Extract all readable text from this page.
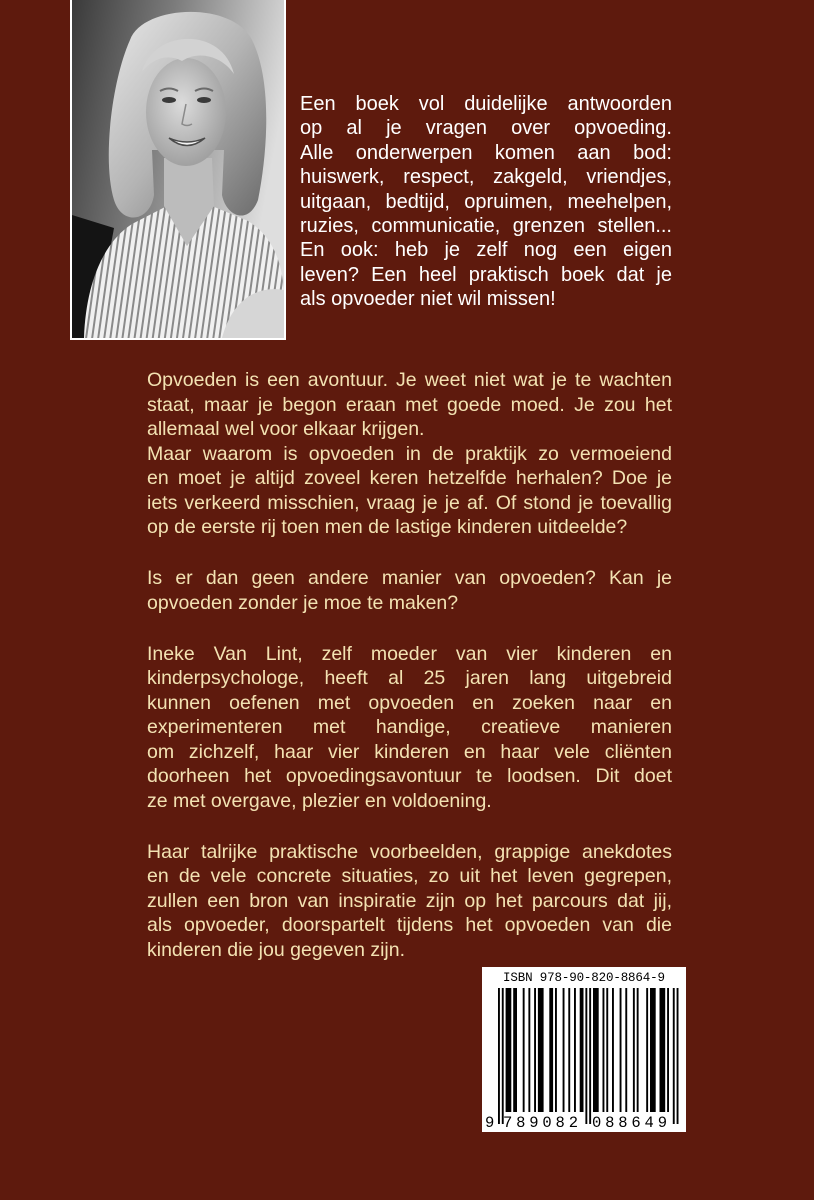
Een boek vol duidelijke antwoorden
op al je vragen over opvoeding.
Alle onderwerpen komen aan bod:
huiswerk, respect, zakgeld, vriendjes,
uitgaan, bedtijd, opruimen, meehelpen,
ruzies, communicatie, grenzen stellen...
En ook: heb je zelf nog een eigen
leven? Een heel praktisch boek dat je
als opvoeder niet wil missen!
Opvoeden is een avontuur. Je weet niet wat je te wachten
staat, maar je begon eraan met goede moed. Je zou het
allemaal wel voor elkaar krijgen.
Maar waarom is opvoeden in de praktijk zo vermoeiend
en moet je altijd zoveel keren hetzelfde herhalen? Doe je
iets verkeerd misschien, vraag je je af. Of stond je toevallig
op de eerste rij toen men de lastige kinderen uitdeelde?
Is er dan geen andere manier van opvoeden? Kan je
opvoeden zonder je moe te maken?
Ineke Van Lint, zelf moeder van vier kinderen en
kinderpsychologe, heeft al 25 jaren lang uitgebreid
kunnen oefenen met opvoeden en zoeken naar en
experimenteren met handige, creatieve manieren
om zichzelf, haar vier kinderen en haar vele cliënten
doorheen het opvoedingsavontuur te loodsen. Dit doet
ze met overgave, plezier en voldoening.
Haar talrijke praktische voorbeelden, grappige anekdotes
en de vele concrete situaties, zo uit het leven gegrepen,
zullen een bron van inspiratie zijn op het parcours dat jij,
als opvoeder, doorspartelt tijdens het opvoeden van die
kinderen die jou gegeven zijn.
ISBN 978-90-820-8864-9
9 789082 088649
